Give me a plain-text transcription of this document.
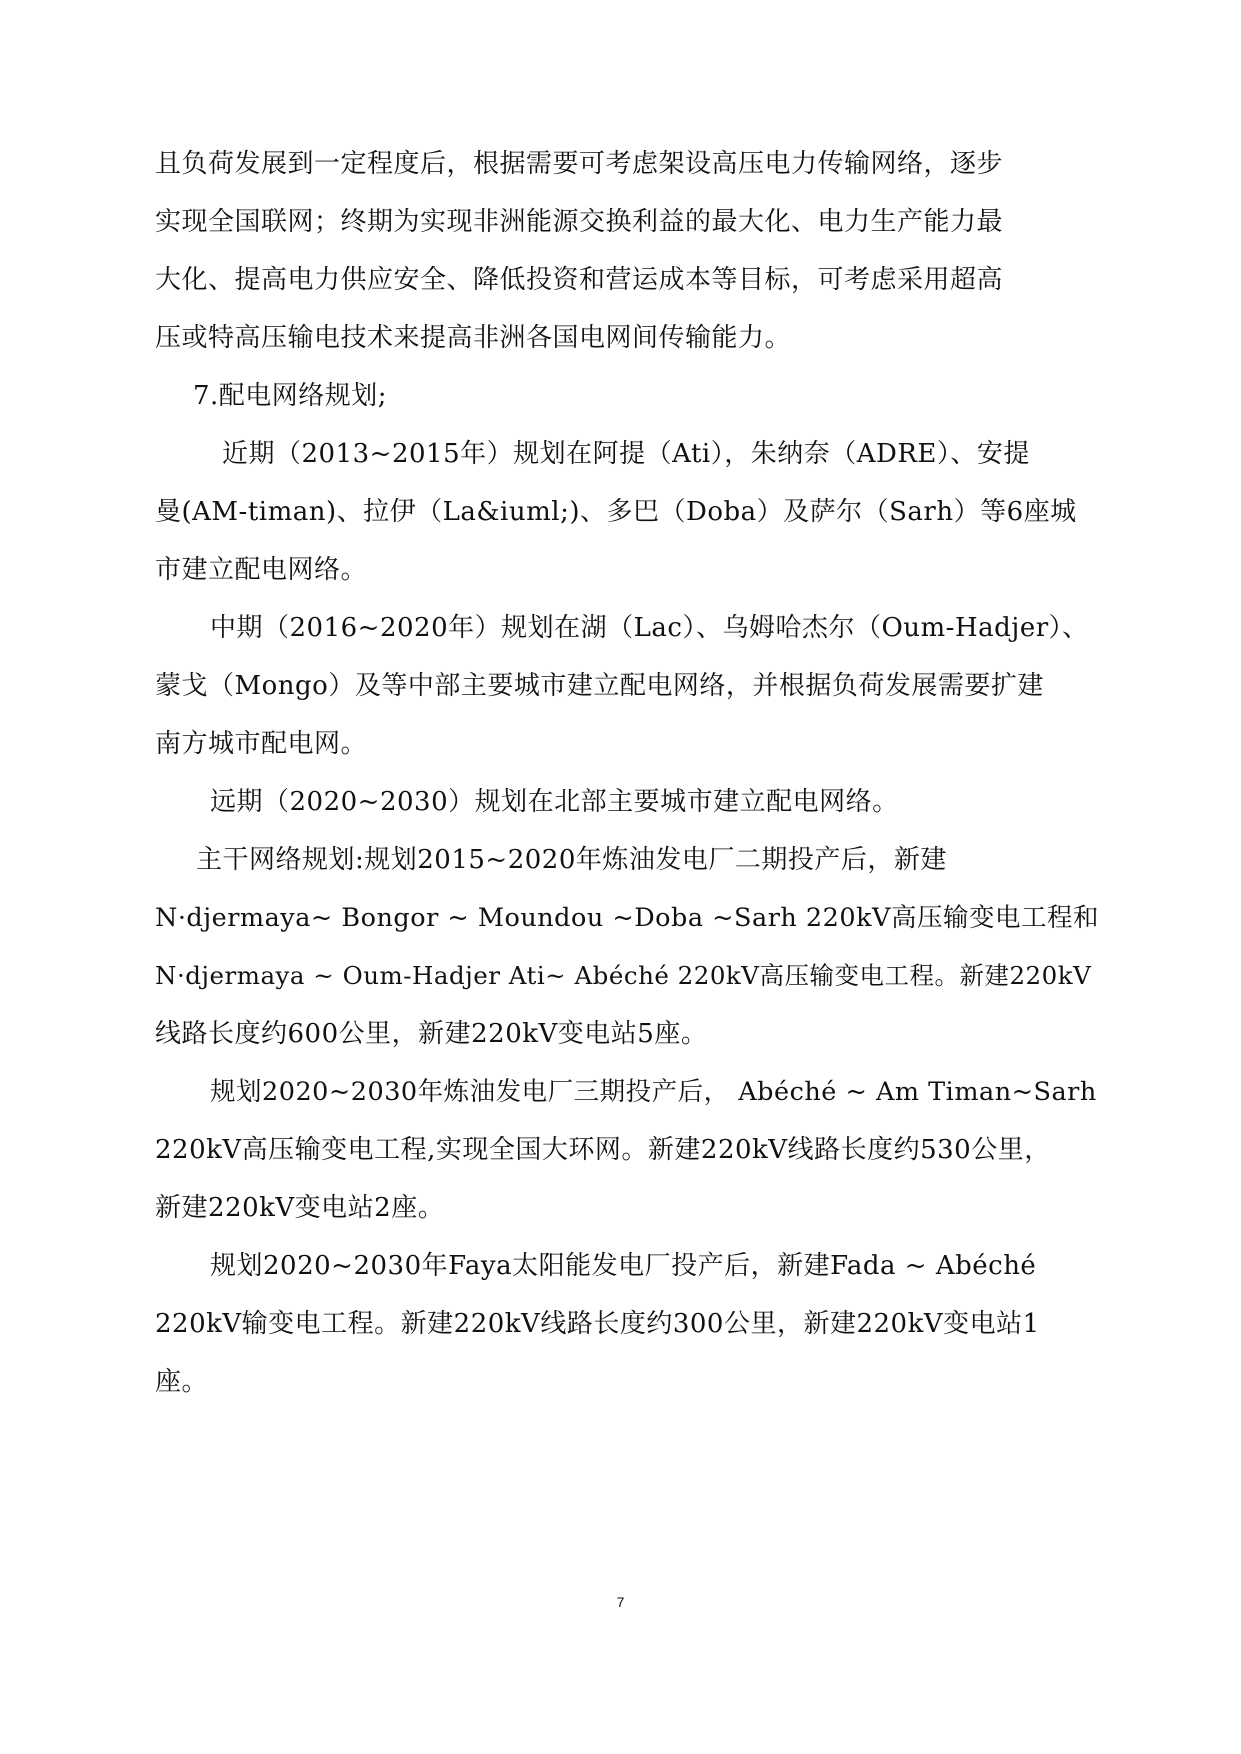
且负荷发展到一定程度后，根据需要可考虑架设高压电力传输网络，逐步
实现全国联网；终期为实现非洲能源交换利益的最大化、电力生产能力最
大化、提高电力供应安全、降低投资和营运成本等目标，可考虑采用超高
压或特高压输电技术来提高非洲各国电网间传输能力。
7.配电网络规划;
近期（2013~2015年）规划在阿提（Ati），朱纳奈（ADRE）、安提
曼(AM-timan)、拉伊（La&iuml;)、多巴（Doba）及萨尔（Sarh）等6座城
市建立配电网络。
中期（2016~2020年）规划在湖（Lac）、乌姆哈杰尔（Oum-Hadjer）、
蒙戈（Mongo）及等中部主要城市建立配电网络，并根据负荷发展需要扩建
南方城市配电网。
远期（2020~2030）规划在北部主要城市建立配电网络。
主干网络规划:规划2015~2020年炼油发电厂二期投产后，新建
N·djermaya~ Bongor ~ Moundou ~Doba ~Sarh 220kV高压输变电工程和
N·djermaya ~ Oum-Hadjer Ati~ Abéché 220kV高压输变电工程。新建220kV
线路长度约600公里，新建220kV变电站5座。
规划2020~2030年炼油发电厂三期投产后， Abéché ~ Am Timan~Sarh
220kV高压输变电工程,实现全国大环网。新建220kV线路长度约530公里，
新建220kV变电站2座。
规划2020~2030年Faya太阳能发电厂投产后，新建Fada ~ Abéché
220kV输变电工程。新建220kV线路长度约300公里，新建220kV变电站1
座。
7
